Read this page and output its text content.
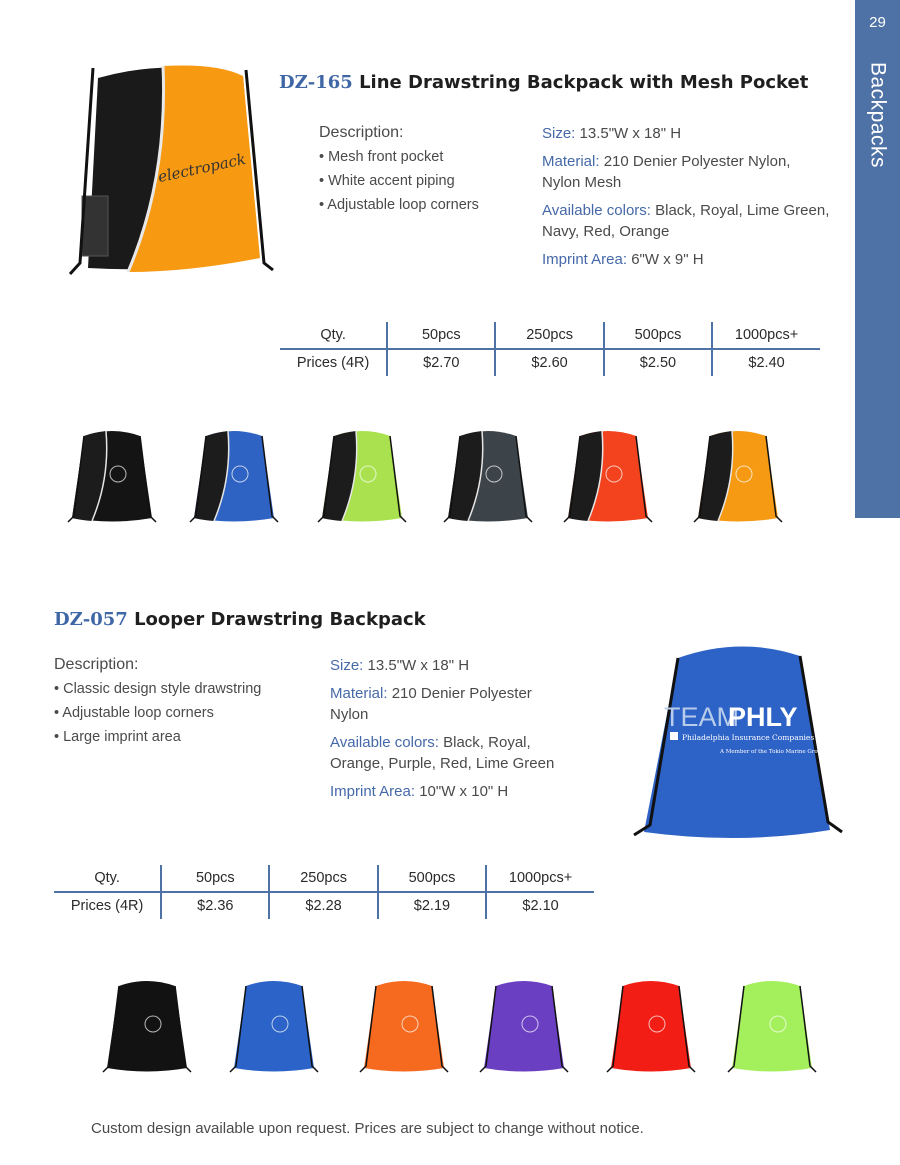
29
Backpacks
electropack
DZ-165 Line Drawstring Backpack with Mesh Pocket
Description:
• Mesh front pocket
• White accent piping
• Adjustable loop corners
Size: 13.5"W x 18" H
Material: 210 Denier Polyester Nylon,
Nylon Mesh
Available colors: Black, Royal, Lime Green,
Navy, Red, Orange
Imprint Area: 6"W x 9" H
Qty.	50pcs	250pcs	500pcs	1000pcs+
Prices (4R)	$2.70	$2.60	$2.50	$2.40
DZ-057 Looper Drawstring Backpack
Description:
• Classic design style drawstring
• Adjustable loop corners
• Large imprint area
Size: 13.5"W x 18" H
Material: 210 Denier Polyester
Nylon
Available colors: Black, Royal,
Orange, Purple, Red, Lime Green
Imprint Area: 10"W x 10" H
TEAM
PHLY
Philadelphia Insurance Companies
A Member of the Tokio Marine Group
Qty.	50pcs	250pcs	500pcs	1000pcs+
Prices (4R)	$2.36	$2.28	$2.19	$2.10
Custom design available upon request. Prices are subject to change without notice.
